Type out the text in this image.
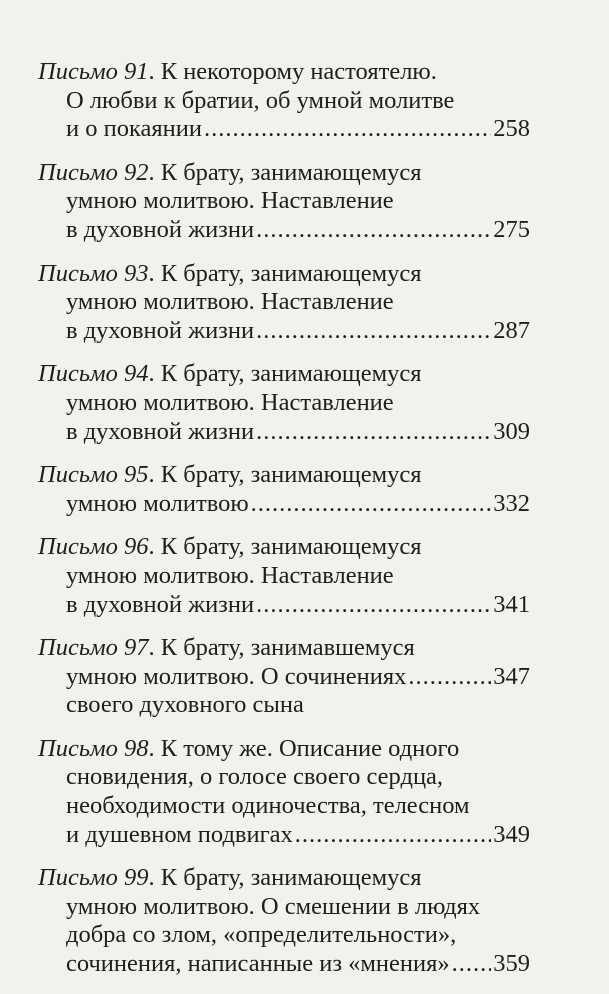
Письмо 91 . К некоторому настоятелю.
О любви к братии, об умной молитве
и о покаянии .....	258
Письмо 92 . К брату, занимающемуся
умною молитвою. Наставление
в духовной жизни .....	275
Письмо 93 . К брату, занимающемуся
умною молитвою. Наставление
в духовной жизни .....	287
Письмо 94 . К брату, занимающемуся
умною молитвою. Наставление
в духовной жизни .....	309
Письмо 95 . К брату, занимающемуся
умною молитвою .....	332
Письмо 96 . К брату, занимающемуся
умною молитвою. Наставление
в духовной жизни .....	341
Письмо 97 . К брату, занимавшемуся
умною молитвою. О сочинениях .....	347
своего духовного сына
Письмо 98 . К тому же. Описание одного
сновидения, о голосе своего сердца,
необходимости одиночества, телесном
и душевном подвигах .....	349
Письмо 99 . К брату, занимающемуся
умною молитвою. О смешении в людях
добра со злом, «определительности»,
сочинения, написанные из «мнения» ..... 359
